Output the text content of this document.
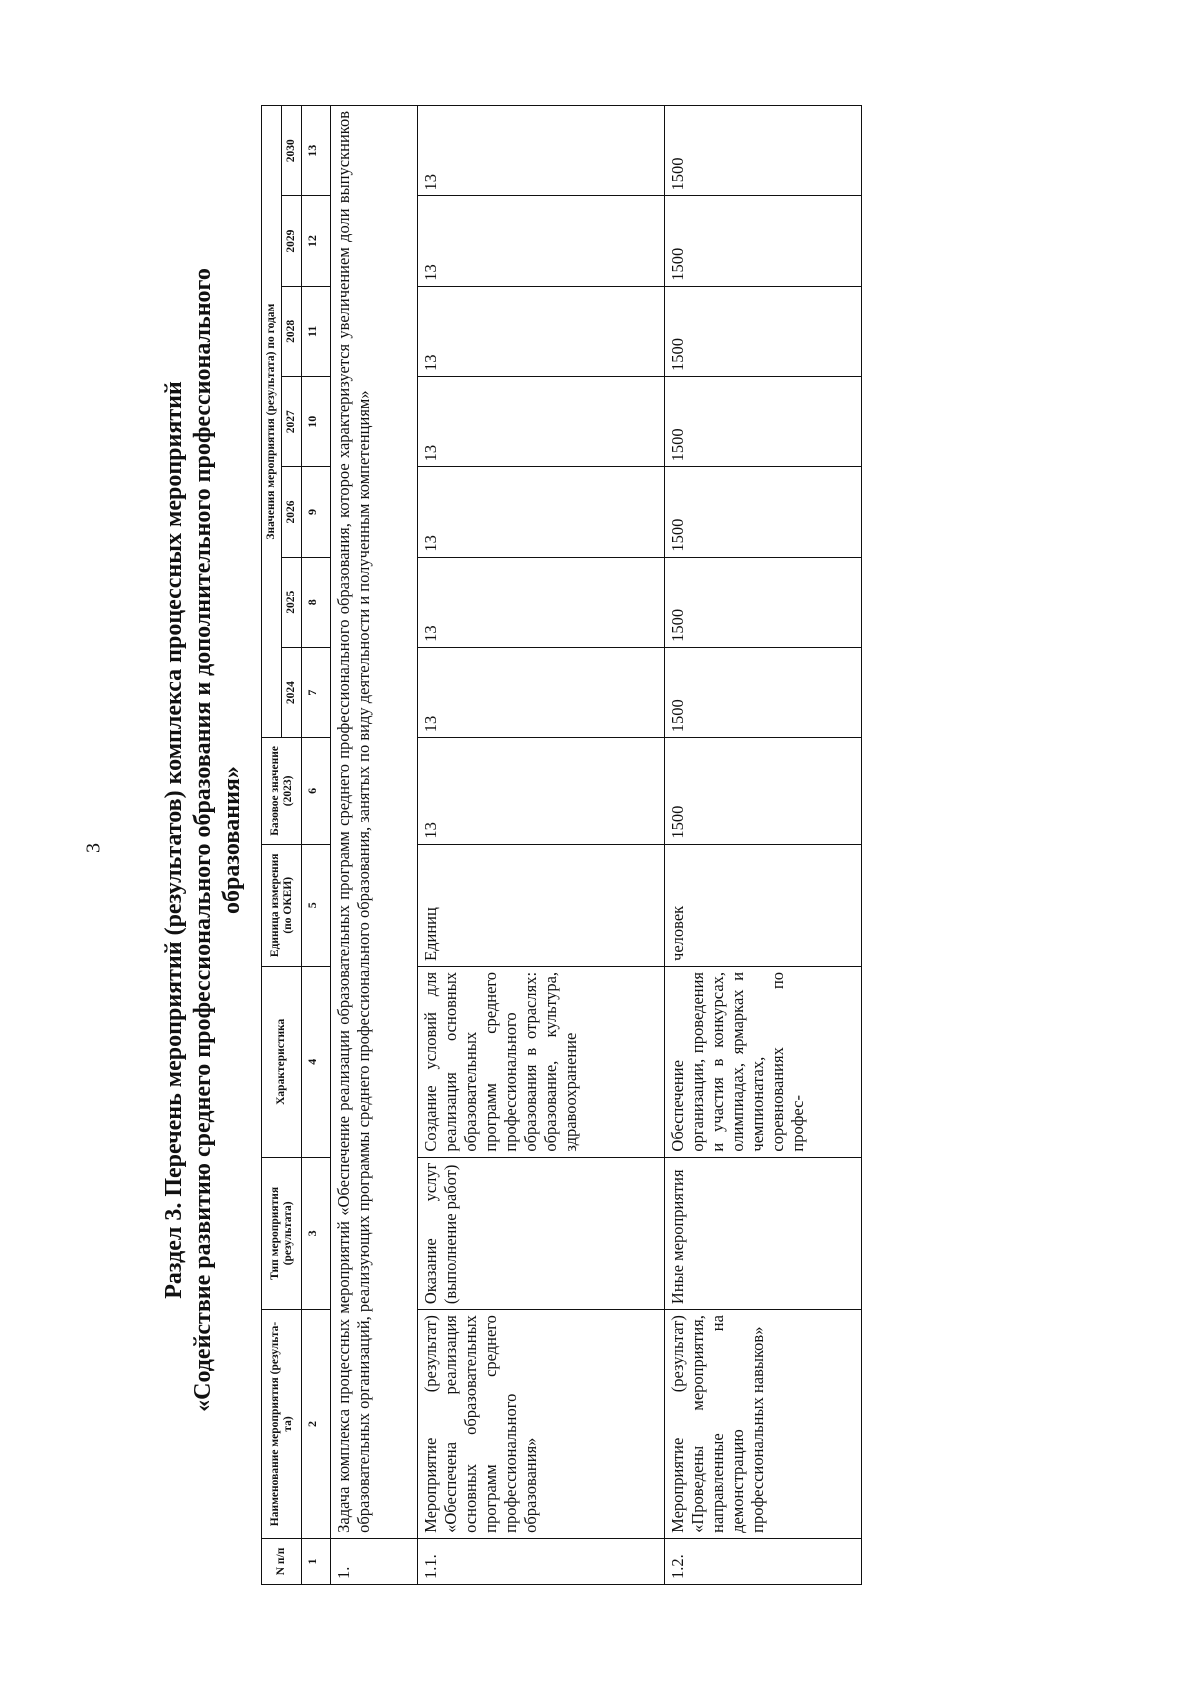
3 Раздел 3. Перечень мероприятий (результатов) комплекса процессных мероприятий «Содействие развитию среднего профессионального образования и дополнительного профессионального образования»
N п/п	Наименование мероприятия (результа-та)	Тип мероприятия (результата)	Характеристика	Единица измерения (по ОКЕИ)	Базовое значение (2023)	Значения мероприятия (результата) по годам						
						2024	2025	2026	2027	2028	2029	2030
1	2	3	4	5	6	7	8	9	10	11	12	13
1.	Задача комплекса процессных мероприятий «Обеспечение реализации образовательных программ среднего профессионального образования, которое характеризуется увеличением доли выпускников образовательных организаций, реализующих программы среднего профессионального образования, занятых по виду деятельности и полученным компетенциям»											
1.1.	Мероприятие (результат) «Обеспечена реализация основных образовательных программ среднего профессионального образования»	Оказание услуг (выполнение работ)	Создание условий для реализация основных образовательных программ среднего профессионального образования в отраслях: образование, культура, здравоохранение	Единиц	13	13	13	13	13	13	13	13
1.2.	Мероприятие (результат) «Проведены мероприятия, направленные на демонстрацию профессиональных навыков»	Иные мероприятия	Обеспечение организации, проведения и участия в конкурсах, олимпиадах, ярмарках и чемпионатах, соревнованиях по профес-	человек	1500	1500	1500	1500	1500	1500	1500	1500
